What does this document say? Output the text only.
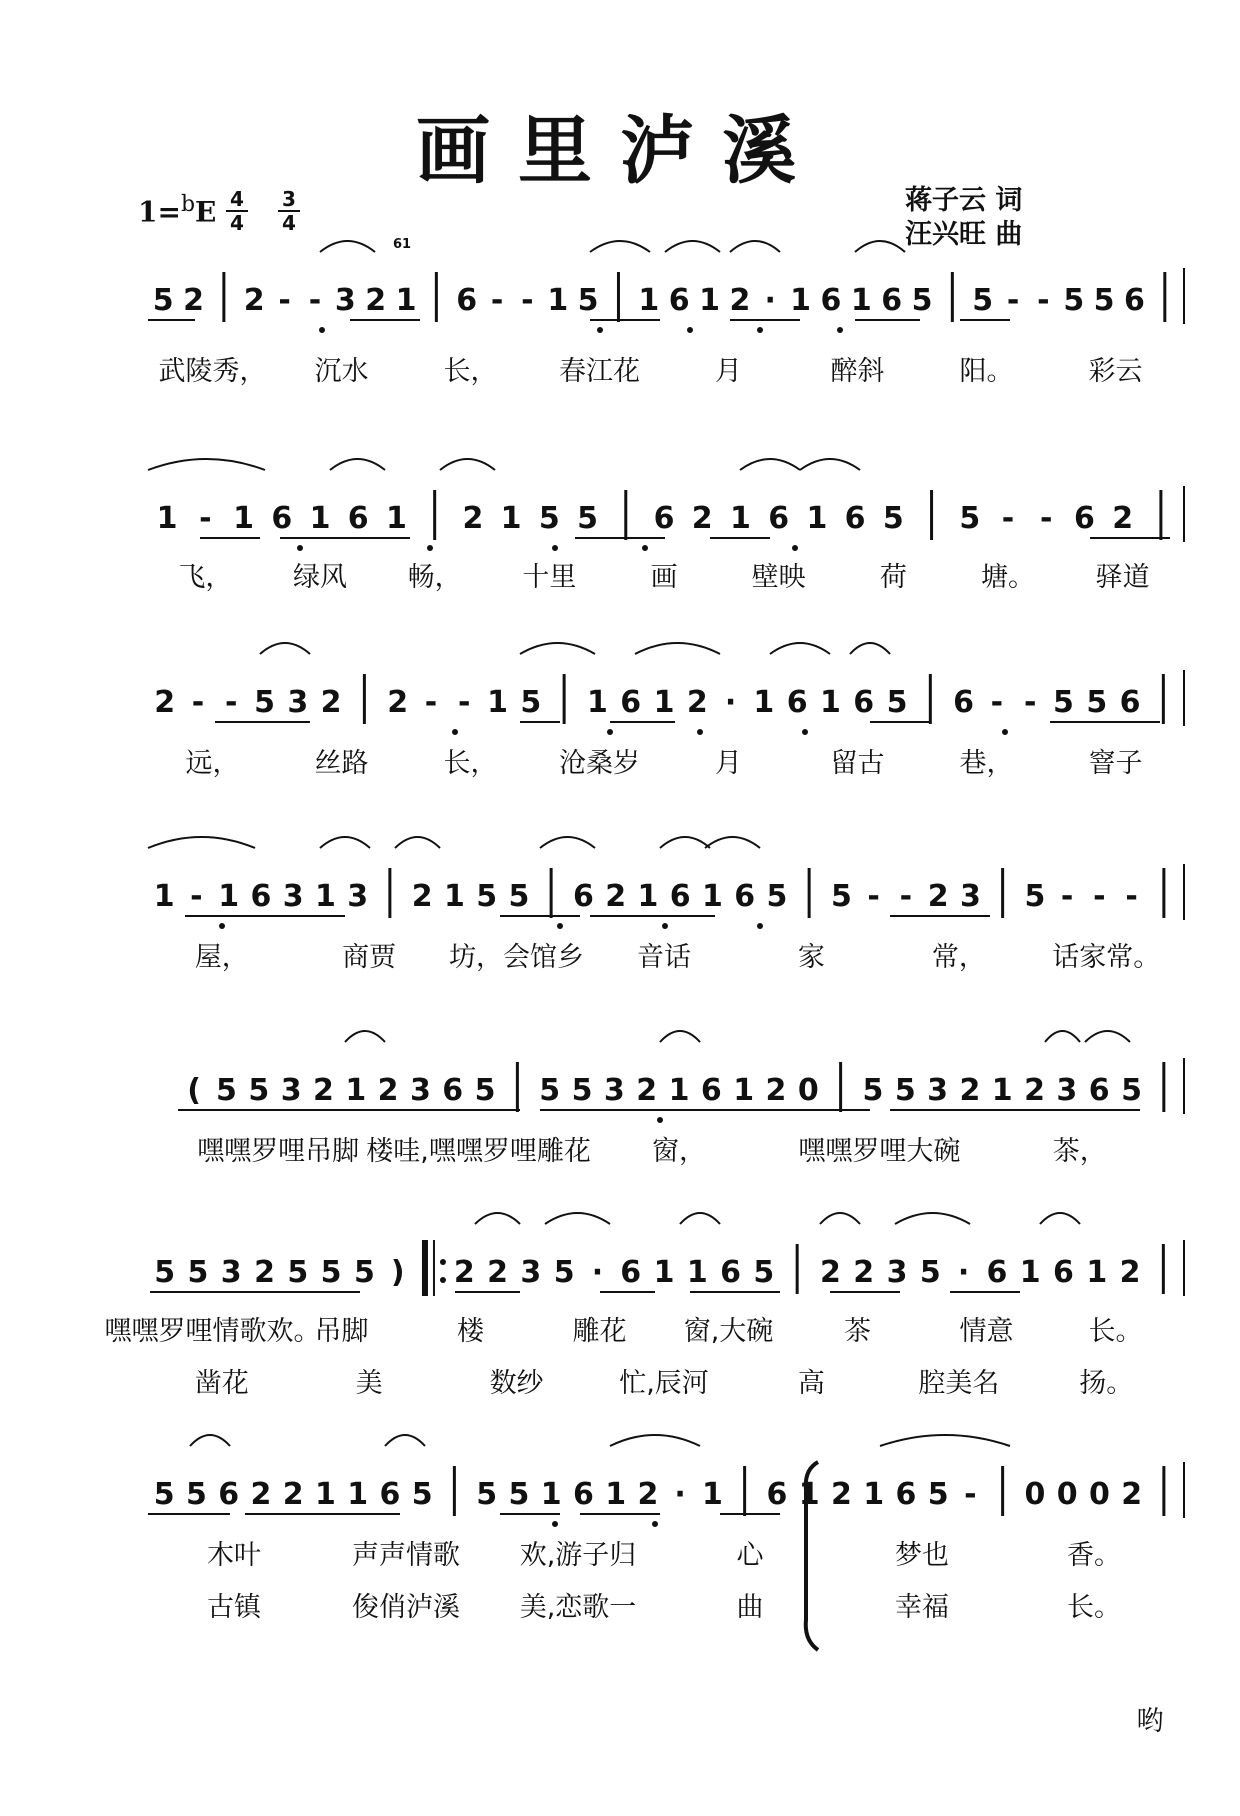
画里泸溪
蒋子云 词
汪兴旺 曲
1=$^b$E 4
4
3
4
5 2 2 - - 3 2 1 6 - - 1 5 1 6 1 2 · 1 6 1 6 5 5 - - 5 5 6
武陵秀， 沉水	长， 春江花	月	醉斜	阳。	彩云
1 - 1 6 1 6 1 2 1 5 5 6 2 1 6 1 6 5 5 - - 6 2
飞， 绿风 畅， 十里	画	壁映	荷	塘。 驿道
2 - - 5 3 2 2 - - 1 5 1 6 1 2 · 1 6 1 6 5 6 - - 5 5 6
远，	丝路	长， 沧桑岁	月	留古	巷，	窨子
1 - 1 6 3 1 3 2 1 5 5 6 2 1 6 1 6 5 5 - - 2 3 5 - - -
屋，	商贾 坊，会馆乡 音话	家	常， 话家常。
( 5 5 3 2 1 2 3 6 5 5 5 3 2 1 6 1 2 0 5 5 3 2 1 2 3 6 5
嘿嘿罗哩吊脚 楼哇,嘿嘿罗哩雕花 窗，	嘿嘿罗哩大碗	茶，
5 5 3 2 5 5 5 ) 2 2 3 5 · 6 1 1 6 5 2 2 3 5 · 6 1 6 1 2
嘿嘿罗哩情歌欢。
吊脚	楼	雕花 窗,大碗	茶	情意	长。
凿花	美	数纱	忙,辰河	高	腔美名	扬。
5 5 6 2 2 1 1 6 5 5 5 1 6 1 2 · 1 6 1 2 1 6 5 - 0 0 0 2
木叶	声声情歌 欢,游子归	心	梦也	香。
古镇	俊俏泸溪 美,恋歌一	曲	幸福	长。
哟
61
